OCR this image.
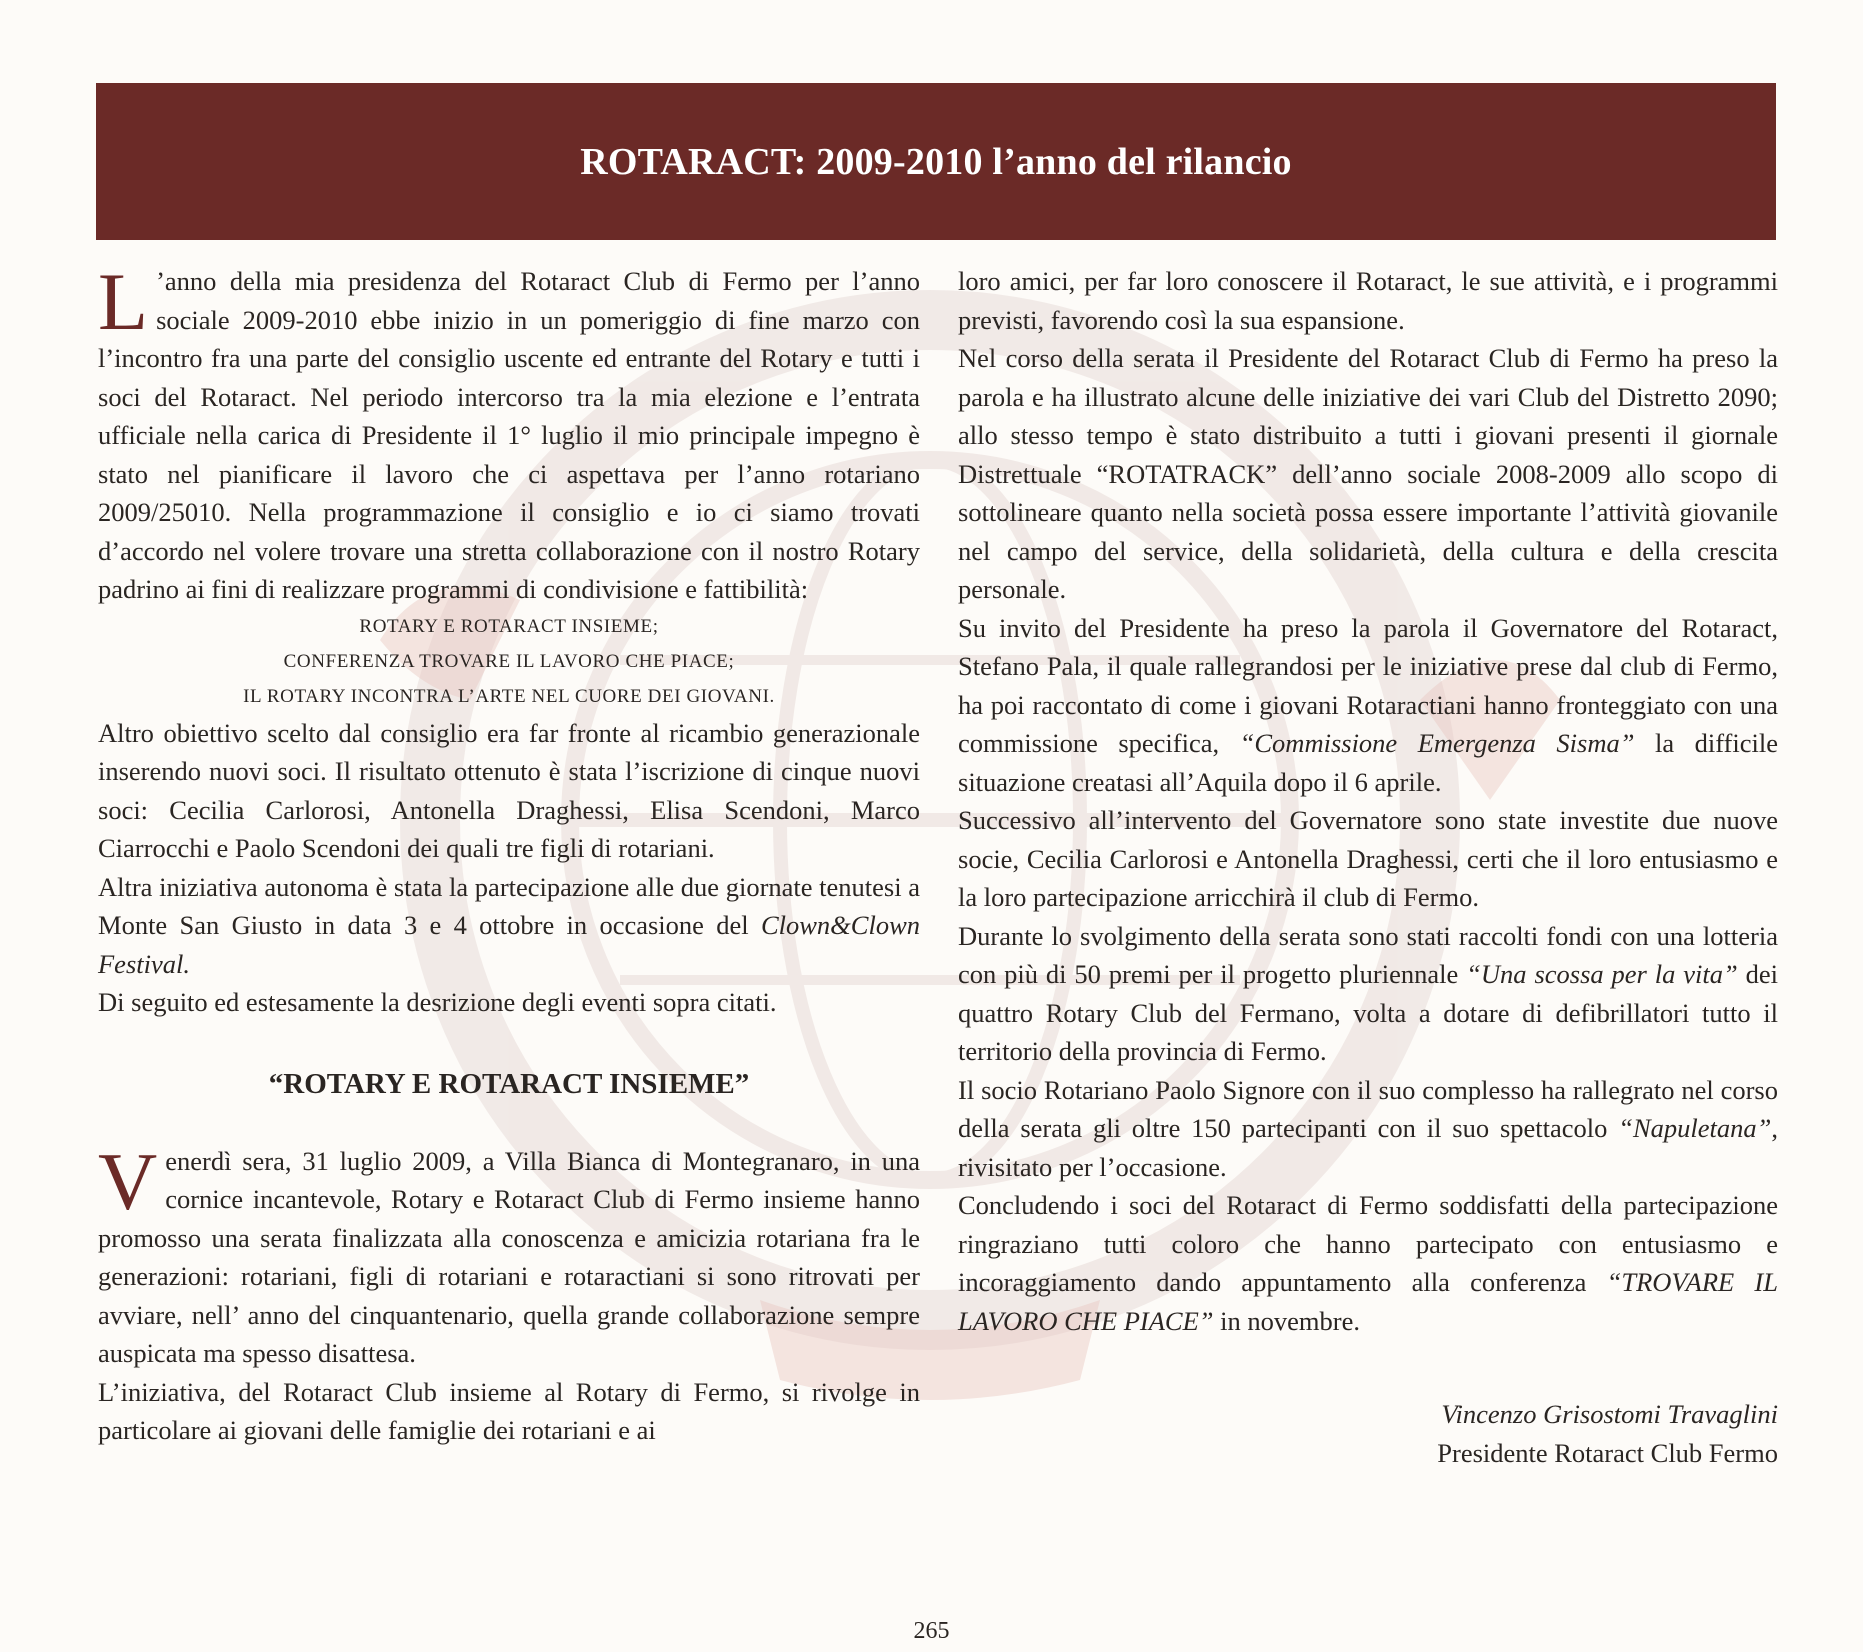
ROTARACT: 2009-2010 l’anno del rilancio

L ’anno della mia presidenza del Rotaract Club di Fermo per l’anno sociale 2009-2010 ebbe inizio in un pomeriggio di fine marzo con l’incontro fra una parte del consiglio uscente ed entrante del Rotary e tutti i soci del Rotaract. Nel periodo intercorso tra la mia elezione e l’entrata ufficiale nella carica di Presidente il 1° luglio il mio principale impegno è stato nel pianificare il lavoro che ci aspettava per l’anno rotariano 2009/25010. Nella programmazione il consiglio e io ci siamo trovati d’accordo nel volere trovare una stretta collaborazione con il nostro Rotary padrino ai fini di realizzare programmi di condivisione e fattibilità:

ROTARY E ROTARACT INSIEME;
CONFERENZA TROVARE IL LAVORO CHE PIACE;
IL ROTARY INCONTRA L’ARTE NEL CUORE DEI GIOVANI.

Altro obiettivo scelto dal consiglio era far fronte al ricambio generazionale inserendo nuovi soci. Il risultato ottenuto è stata l’iscrizione di cinque nuovi soci: Cecilia Carlorosi, Antonella Draghessi, Elisa Scendoni, Marco Ciarrocchi e Paolo Scendoni dei quali tre figli di rotariani.

Altra iniziativa autonoma è stata la partecipazione alle due giornate tenutesi a Monte San Giusto in data 3 e 4 ottobre in occasione del Clown&Clown Festival.

Di seguito ed estesamente la desrizione degli eventi sopra citati.

“ROTARY E ROTARACT INSIEME”

Venerdì sera, 31 luglio 2009, a Villa Bianca di Montegranaro, in una cornice incantevole, Rotary e Rotaract Club di Fermo insieme hanno promosso una serata finalizzata alla conoscenza e amicizia rotariana fra le generazioni: rotariani, figli di rotariani e rotaractiani si sono ritrovati per avviare, nell’ anno del cinquantenario, quella grande collaborazione sempre auspicata ma spesso disattesa.

L’iniziativa, del Rotaract Club insieme al Rotary di Fermo, si rivolge in particolare ai giovani delle famiglie dei rotariani e ai

loro amici, per far loro conoscere il Rotaract, le sue attività, e i programmi previsti, favorendo così la sua espansione.

Nel corso della serata il Presidente del Rotaract Club di Fermo ha preso la parola e ha illustrato alcune delle iniziative dei vari Club del Distretto 2090; allo stesso tempo è stato distribuito a tutti i giovani presenti il giornale Distrettuale “ROTATRACK” dell’anno sociale 2008-2009 allo scopo di sottolineare quanto nella società possa essere importante l’attività giovanile nel campo del service, della solidarietà, della cultura e della crescita personale.

Su invito del Presidente ha preso la parola il Governatore del Rotaract, Stefano Pala, il quale rallegrandosi per le iniziative prese dal club di Fermo, ha poi raccontato di come i giovani Rotaractiani hanno fronteggiato con una commissione specifica, “Commissione Emergenza Sisma” la difficile situazione creatasi all’Aquila dopo il 6 aprile.

Successivo all’intervento del Governatore sono state investite due nuove socie, Cecilia Carlorosi e Antonella Draghessi, certi che il loro entusiasmo e la loro partecipazione arricchirà il club di Fermo.

Durante lo svolgimento della serata sono stati raccolti fondi con una lotteria con più di 50 premi per il progetto pluriennale “Una scossa per la vita” dei quattro Rotary Club del Fermano, volta a dotare di defibrillatori tutto il territorio della provincia di Fermo.

Il socio Rotariano Paolo Signore con il suo complesso ha rallegrato nel corso della serata gli oltre 150 partecipanti con il suo spettacolo “Napuletana”, rivisitato per l’occasione.

Concludendo i soci del Rotaract di Fermo soddisfatti della partecipazione ringraziano tutti coloro che hanno partecipato con entusiasmo e incoraggiamento dando appuntamento alla conferenza “TROVARE IL LAVORO CHE PIACE” in novembre.

Vincenzo Grisostomi Travaglini
Presidente Rotaract Club Fermo
265
